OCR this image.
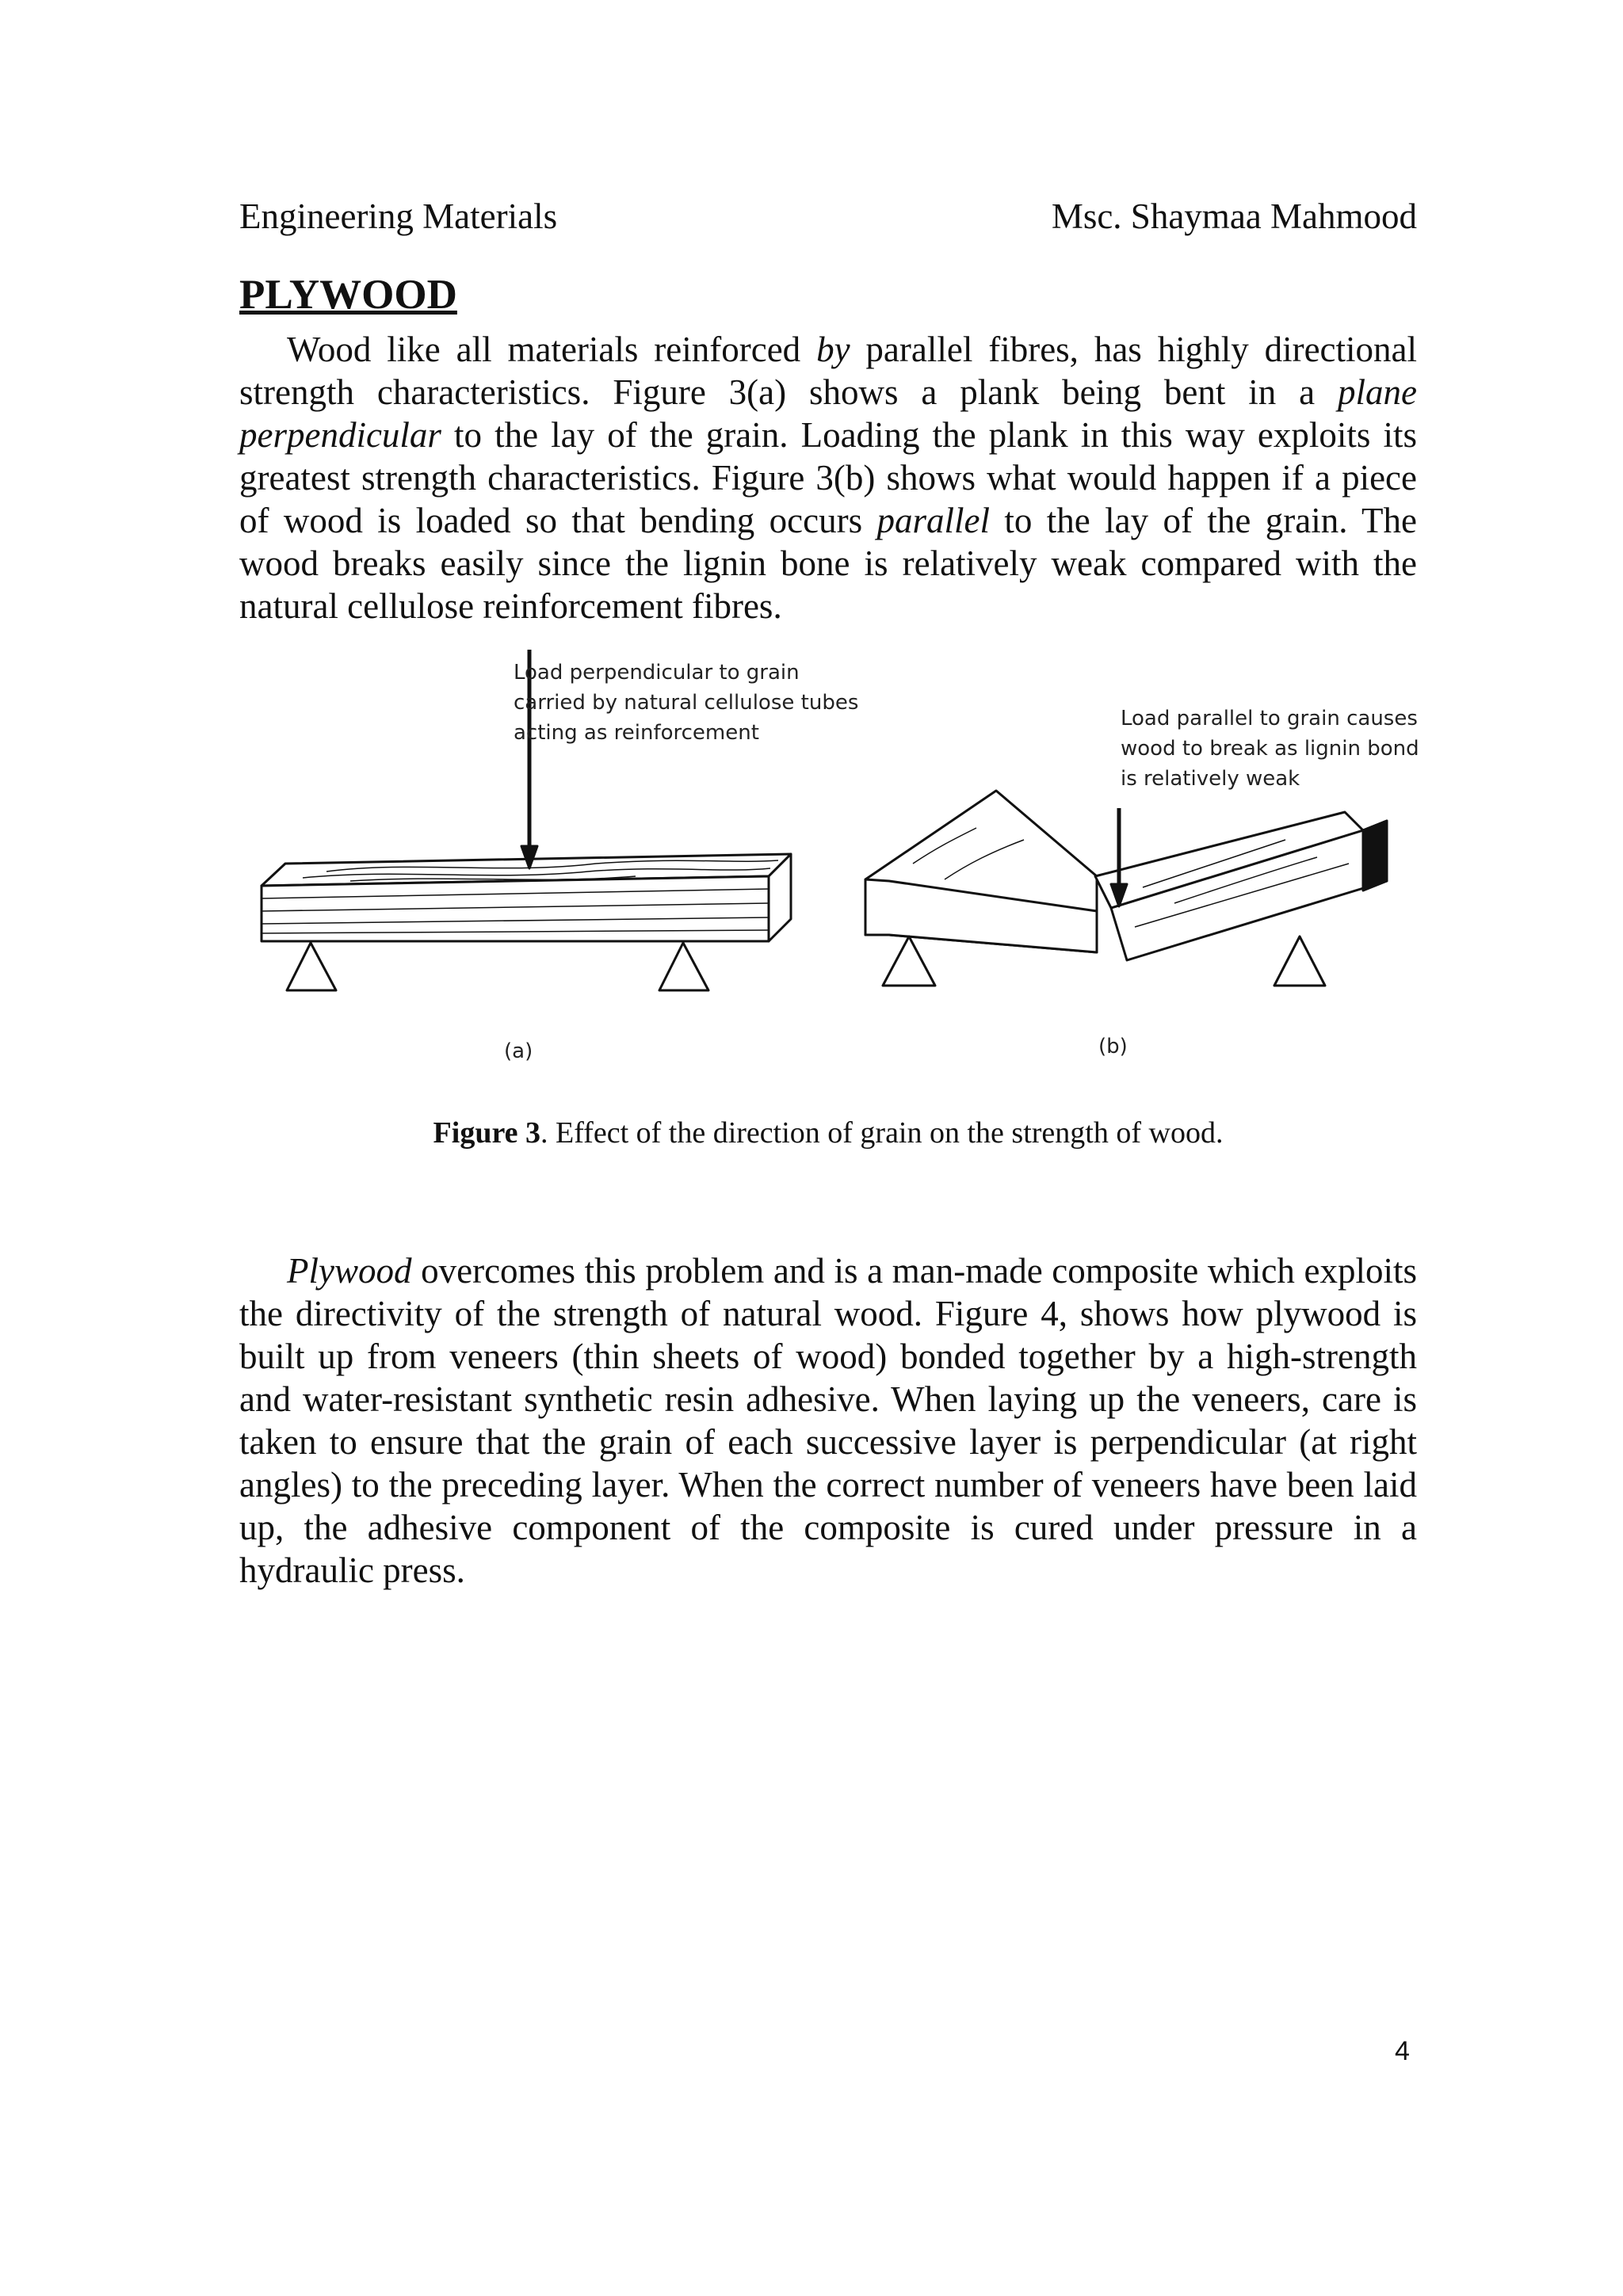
Engineering Materials	Msc. Shaymaa Mahmood
PLYWOOD

Wood like all materials reinforced by parallel fibres, has highly directional strength characteristics. Figure 3(a) shows a plank being bent in a plane perpendicular to the lay of the grain. Loading the plank in this way exploits its greatest strength characteristics. Figure 3(b) shows what would happen if a piece of wood is loaded so that bending occurs parallel to the lay of the grain. The wood breaks easily since the lignin bone is relatively weak compared with the natural cellulose reinforcement fibres.

Load perpendicular to grain
carried by natural cellulose tubes
acting as reinforcement
Load parallel to grain causes
wood to break as lignin bond
is relatively weak
(a)	(b)
Figure 3. Effect of the direction of grain on the strength of wood.

Plywood overcomes this problem and is a man-made composite which exploits the directivity of the strength of natural wood. Figure 4, shows how plywood is built up from veneers (thin sheets of wood) bonded together by a high-strength and water-resistant synthetic resin adhesive. When laying up the veneers, care is taken to ensure that the grain of each successive layer is perpendicular (at right angles) to the preceding layer. When the correct number of veneers have been laid up, the adhesive component of the composite is cured under pressure in a hydraulic press.

4
